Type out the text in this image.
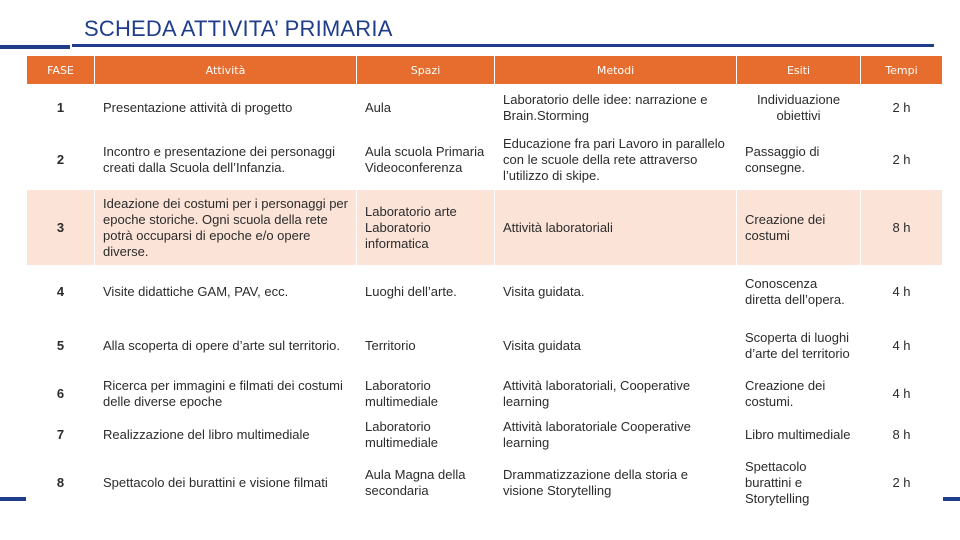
SCHEDA ATTIVITA’ PRIMARIA
FASE	Attività	Spazi	Metodi	Esiti	Tempi
1	Presentazione attività di progetto	Aula	Laboratorio delle idee: narrazione e Brain.Storming	Individuazione obiettivi	2 h
2	Incontro e presentazione dei personaggi creati dalla Scuola dell’Infanzia.	Aula scuola Primaria Videoconferenza	Educazione fra pari Lavoro in parallelo con le scuole della rete attraverso l’utilizzo di skipe.	Passaggio di consegne.	2 h
3	Ideazione dei costumi per i personaggi per epoche storiche. Ogni scuola della rete potrà occuparsi di epoche e/o opere diverse.	Laboratorio arte Laboratorio informatica	Attività laboratoriali	Creazione dei costumi	8 h
4	Visite didattiche GAM, PAV, ecc.	Luoghi dell’arte.	Visita guidata.	Conoscenza diretta dell’opera.	4 h
5	Alla scoperta di opere d’arte sul territorio.	Territorio	Visita guidata	Scoperta di luoghi d’arte del territorio	4 h
6	Ricerca per immagini e filmati dei costumi delle diverse epoche	Laboratorio multimediale	Attività laboratoriali, Cooperative learning	Creazione dei costumi.	4 h
7	Realizzazione del libro multimediale	Laboratorio multimediale	Attività laboratoriale Cooperative learning	Libro multimediale	8 h
8	Spettacolo dei burattini e visione filmati	Aula Magna della secondaria	Drammatizzazione della storia e visione Storytelling	Spettacolo burattini e Storytelling	2 h
